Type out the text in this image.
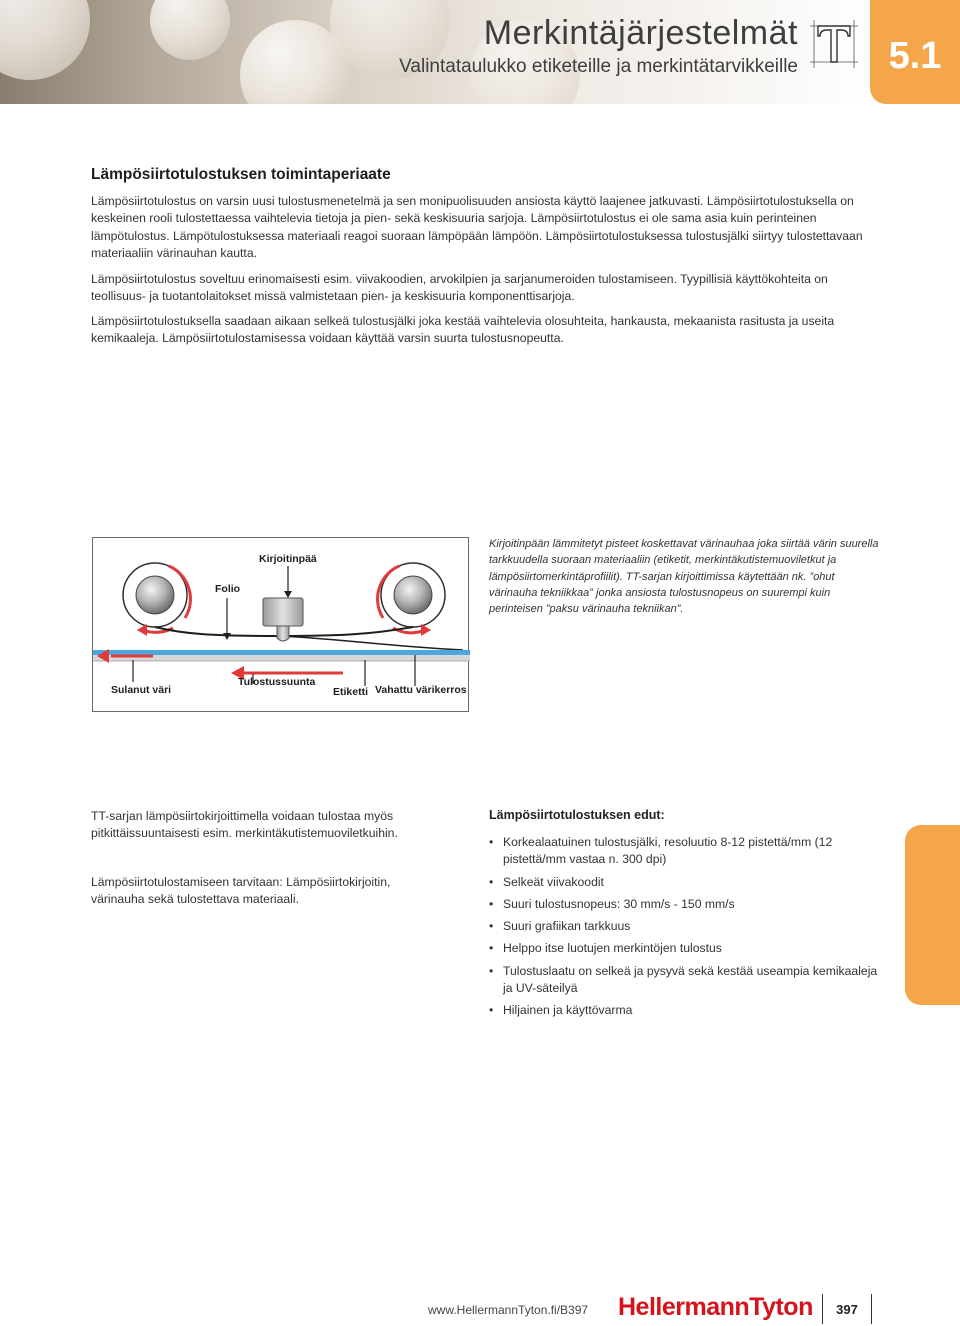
Merkintäjärjestelmät
Valintataulukko etiketeille ja merkintätarvikkeille 5.1
Lämpösiirtotulostuksen toimintaperiaate

Lämpösiirtotulostus on varsin uusi tulostusmenetelmä ja sen monipuolisuuden ansiosta käyttö laajenee jatkuvasti. Lämpösiirtotulostuksella on keskeinen rooli tulostettaessa vaihtelevia tietoja ja pien- sekä keskisuuria sarjoja. Lämpösiirtotulostus ei ole sama asia kuin perinteinen lämpötulostus. Lämpötulostuksessa materiaali reagoi suoraan lämpöpään lämpöön. Lämpösiirtotulostuksessa tulostusjälki siirtyy tulostettavaan materiaaliin värinauhan kautta.

Lämpösiirtotulostus soveltuu erinomaisesti esim. viivakoodien, arvokilpien ja sarjanumeroiden tulostamiseen. Tyypillisiä käyttökohteita on teollisuus- ja tuotantolaitokset missä valmistetaan pien- ja keskisuuria komponenttisarjoja.

Lämpösiirtotulostuksella saadaan aikaan selkeä tulostusjälki joka kestää vaihtelevia olosuhteita, hankausta, mekaanista rasitusta ja useita kemikaaleja. Lämpösiirtotulostamisessa voidaan käyttää varsin suurta tulostusnopeutta.

Kirjoitinpää
Folio
Sulanut väri
Tulostussuunta
Etiketti Vahattu värikerros

Kirjoitinpään lämmitetyt pisteet koskettavat värinauhaa joka siirtää värin suurella tarkkuudella suoraan materiaaliin (etiketit, merkintäkutistemuoviletkut ja lämpösiirtomerkintäprofiilit). TT-sarjan kirjoittimissa käytettään nk. ”ohut värinauha tekniikkaa” jonka ansiosta tulostusnopeus on suurempi kuin perinteisen ”paksu värinauha tekniikan”.

TT-sarjan lämpösiirtokirjoittimella voidaan tulostaa myös pitkittäissuuntaisesti esim. merkintäkutistemuoviletkuihin.

Lämpösiirtotulostamiseen tarvitaan: Lämpösiirtokirjoitin, värinauha sekä tulostettava materiaali.

Lämpösiirtotulostuksen edut:
• Korkealaatuinen tulostusjälki, resoluutio 8-12 pistettä/mm (12 pistettä/mm vastaa n. 300 dpi)
• Selkeät viivakoodit
• Suuri tulostusnopeus: 30 mm/s - 150 mm/s
• Suuri grafiikan tarkkuus
• Helppo itse luotujen merkintöjen tulostus
• Tulostuslaatu on selkeä ja pysyvä sekä kestää useampia kemikaaleja ja UV-säteilyä
• Hiljainen ja käyttövarma
www.HellermannTyton.fi/B397 HellermannTyton 397
